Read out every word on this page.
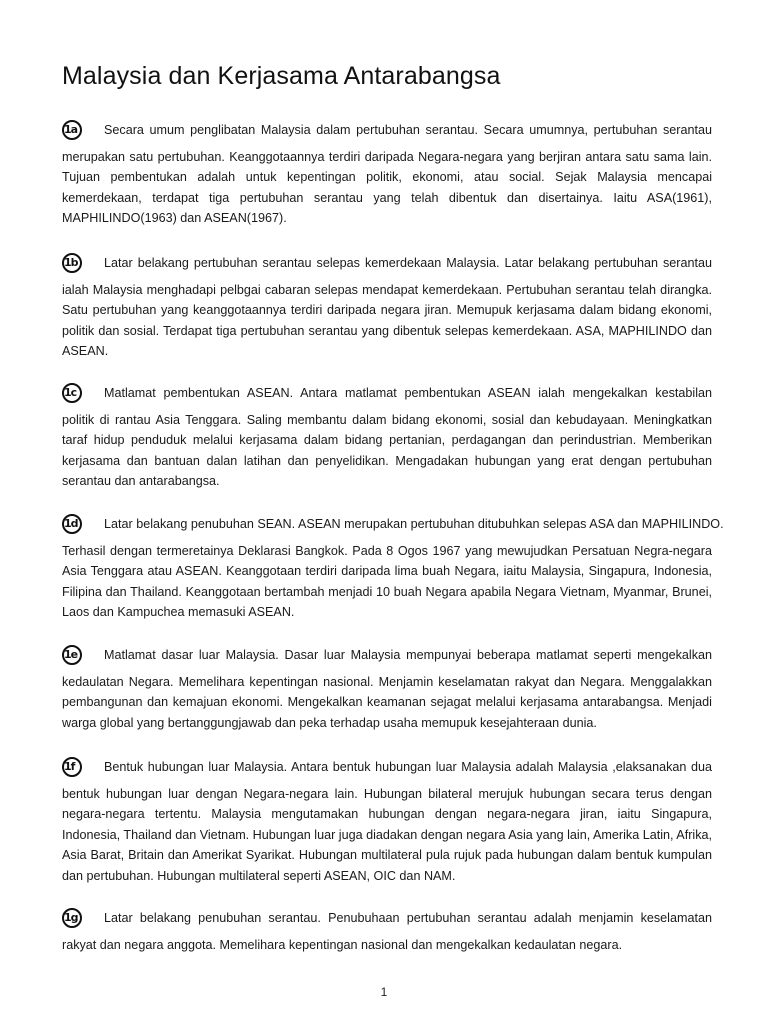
Malaysia dan Kerjasama Antarabangsa
1a Secara umum penglibatan Malaysia dalam pertubuhan serantau. Secara umumnya, pertubuhan serantau
merupakan satu pertubuhan. Keanggotaannya terdiri daripada Negara-negara yang berjiran antara satu sama lain. Tujuan pembentukan adalah untuk kepentingan politik, ekonomi, atau social. Sejak Malaysia mencapai kemerdekaan, terdapat tiga pertubuhan serantau yang telah dibentuk dan disertainya. Iaitu ASA(1961), MAPHILINDO(1963) dan ASEAN(1967).
1b Latar belakang pertubuhan serantau selepas kemerdekaan Malaysia. Latar belakang pertubuhan serantau
ialah Malaysia menghadapi pelbgai cabaran selepas mendapat kemerdekaan. Pertubuhan serantau telah dirangka. Satu pertubuhan yang keanggotaannya terdiri daripada negara jiran. Memupuk kerjasama dalam bidang ekonomi, politik dan sosial. Terdapat tiga pertubuhan serantau yang dibentuk selepas kemerdekaan. ASA, MAPHILINDO dan ASEAN.
1c Matlamat pembentukan ASEAN. Antara matlamat pembentukan ASEAN ialah mengekalkan kestabilan
politik di rantau Asia Tenggara. Saling membantu dalam bidang ekonomi, sosial dan kebudayaan. Meningkatkan taraf hidup penduduk melalui kerjasama dalam bidang pertanian, perdagangan dan perindustrian. Memberikan kerjasama dan bantuan dalan latihan dan penyelidikan. Mengadakan hubungan yang erat dengan pertubuhan serantau dan antarabangsa.
1d Latar belakang penubuhan SEAN. ASEAN merupakan pertubuhan ditubuhkan selepas ASA dan MAPHILINDO.
Terhasil dengan termeretainya Deklarasi Bangkok. Pada 8 Ogos 1967 yang mewujudkan Persatuan Negra-negara Asia Tenggara atau ASEAN. Keanggotaan terdiri daripada lima buah Negara, iaitu Malaysia, Singapura, Indonesia, Filipina dan Thailand. Keanggotaan bertambah menjadi 10 buah Negara apabila Negara Vietnam, Myanmar, Brunei, Laos dan Kampuchea memasuki ASEAN.
1e Matlamat dasar luar Malaysia. Dasar luar Malaysia mempunyai beberapa matlamat seperti mengekalkan
kedaulatan Negara. Memelihara kepentingan nasional. Menjamin keselamatan rakyat dan Negara. Menggalakkan pembangunan dan kemajuan ekonomi. Mengekalkan keamanan sejagat melalui kerjasama antarabangsa. Menjadi warga global yang bertanggungjawab dan peka terhadap usaha memupuk kesejahteraan dunia.
1f Bentuk hubungan luar Malaysia. Antara bentuk hubungan luar Malaysia adalah Malaysia ,elaksanakan dua
bentuk hubungan luar dengan Negara-negara lain. Hubungan bilateral merujuk hubungan secara terus dengan negara-negara tertentu. Malaysia mengutamakan hubungan dengan negara-negara jiran, iaitu Singapura, Indonesia, Thailand dan Vietnam. Hubungan luar juga diadakan dengan negara Asia yang lain, Amerika Latin, Afrika, Asia Barat, Britain dan Amerikat Syarikat. Hubungan multilateral pula rujuk pada hubungan dalam bentuk kumpulan dan pertubuhan. Hubungan multilateral seperti ASEAN, OIC dan NAM.
1g Latar belakang penubuhan serantau. Penubuhaan pertubuhan serantau adalah menjamin keselamatan
rakyat dan negara anggota. Memelihara kepentingan nasional dan mengekalkan kedaulatan negara.
1
